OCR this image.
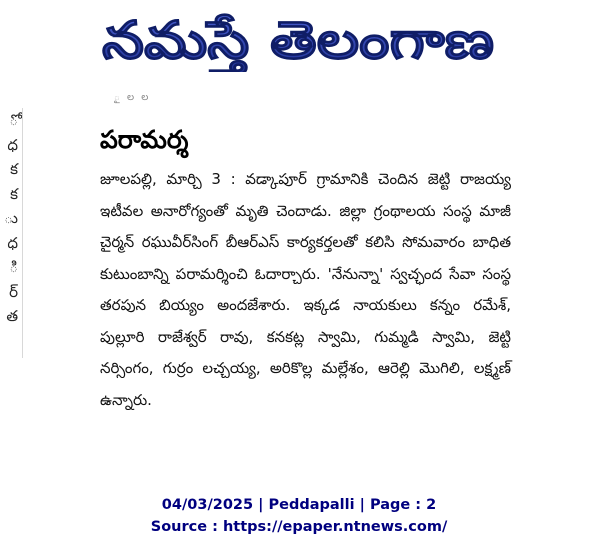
నమస్తే తెలంగాణ
ో
ధ
క
క
ు
ధ
ి
ర్
త
ౖ ల ల
పరామర్శ
జూలపల్లి, మార్చి 3 : వడ్కాపూర్ గ్రామానికి చెందిన జెట్టి రాజయ్య ఇటీవల అనారోగ్యంతో మృతి చెందాడు. జిల్లా గ్రంథాలయ సంస్థ మాజీ చైర్మన్ రఘువీర్‌సింగ్ బీఆర్ఎస్ కార్యకర్తలతో కలిసి సోమవారం బాధిత కుటుంబాన్ని పరామర్శించి ఓదార్చారు. 'నేనున్నా' స్వచ్ఛంద సేవా సంస్థ తరపున బియ్యం అందజేశారు. ఇక్కడ నాయకులు కన్నం రమేశ్, పుల్లూరి రాజేశ్వర్ రావు, కనకట్ల స్వామి, గుమ్మడి స్వామి, జెట్టి నర్సింగం, గుర్రం లచ్చయ్య, అరికొల్ల మల్లేశం, ఆరెల్లి మొగిలి, లక్ష్మణ్ ఉన్నారు.
04/03/2025 | Peddapalli | Page : 2
Source : https://epaper.ntnews.com/
